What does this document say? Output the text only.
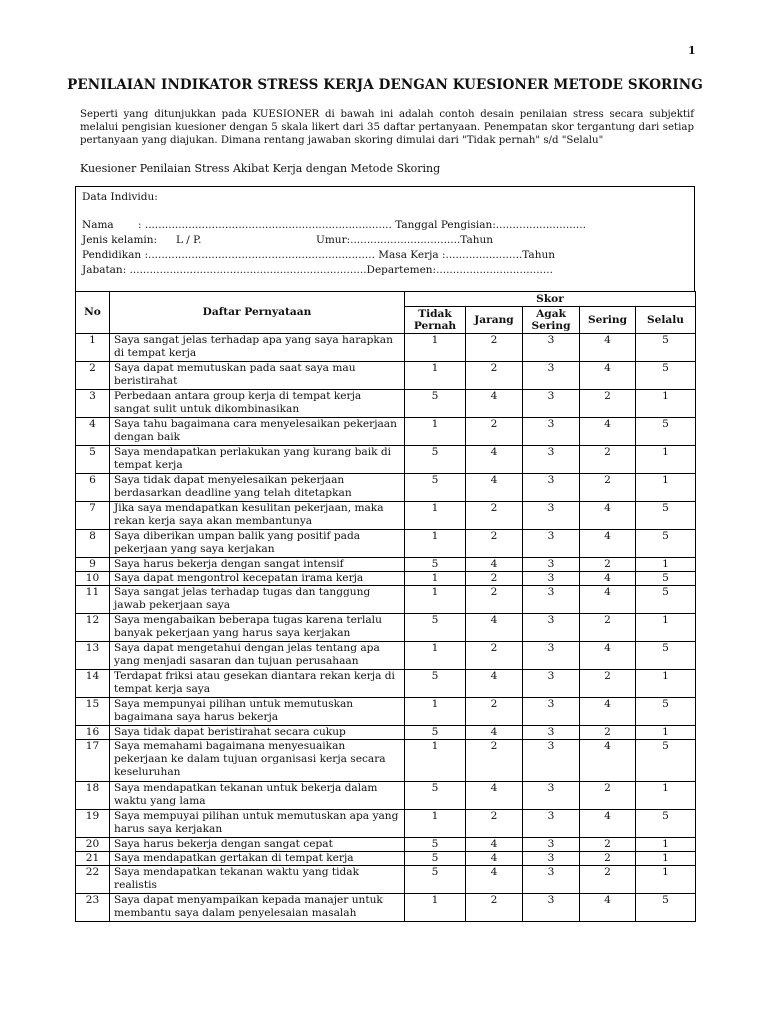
1
PENILAIAN INDIKATOR STRESS KERJA DENGAN KUESIONER METODE SKORING
Seperti yang ditunjukkan pada KUESIONER di bawah ini adalah contoh desain penilaian stress secara subjektif melalui pengisian kuesioner dengan 5 skala likert dari 35 daftar pertanyaan. Penempatan skor tergantung dari setiap pertanyaan yang diajukan. Dimana rentang jawaban skoring dimulai dari "Tidak pernah" s/d "Selalu"
Kuesioner Penilaian Stress Akibat Kerja dengan Metode Skoring
Data Individu:
Nama : .......................................................................... Tanggal Pengisian:...........................
Jenis kelamin: L / P.	Umur:.................................Tahun
Pendidikan :.................................................................... Masa Kerja :.......................Tahun
Jabatan: .......................................................................Departemen:...................................
No	Daftar Pernyataan	Skor				
		Tidak Pernah	Jarang	Agak Sering	Sering	Selalu
1	Saya sangat jelas terhadap apa yang saya harapkan di tempat kerja	1	2	3	4	5
2	Saya dapat memutuskan pada saat saya mau beristirahat	1	2	3	4	5
3	Perbedaan antara group kerja di tempat kerja sangat sulit untuk dikombinasikan	5	4	3	2	1
4	Saya tahu bagaimana cara menyelesaikan pekerjaan dengan baik	1	2	3	4	5
5	Saya mendapatkan perlakukan yang kurang baik di tempat kerja	5	4	3	2	1
6	Saya tidak dapat menyelesaikan pekerjaan berdasarkan deadline yang telah ditetapkan	5	4	3	2	1
7	Jika saya mendapatkan kesulitan pekerjaan, maka rekan kerja saya akan membantunya	1	2	3	4	5
8	Saya diberikan umpan balik yang positif pada pekerjaan yang saya kerjakan	1	2	3	4	5
9	Saya harus bekerja dengan sangat intensif	5	4	3	2	1
10	Saya dapat mengontrol kecepatan irama kerja	1	2	3	4	5
11	Saya sangat jelas terhadap tugas dan tanggung jawab pekerjaan saya	1	2	3	4	5
12	Saya mengabaikan beberapa tugas karena terlalu banyak pekerjaan yang harus saya kerjakan	5	4	3	2	1
13	Saya dapat mengetahui dengan jelas tentang apa yang menjadi sasaran dan tujuan perusahaan	1	2	3	4	5
14	Terdapat friksi atau gesekan diantara rekan kerja di tempat kerja saya	5	4	3	2	1
15	Saya mempunyai pilihan untuk memutuskan bagaimana saya harus bekerja	1	2	3	4	5
16	Saya tidak dapat beristirahat secara cukup	5	4	3	2	1
17	Saya memahami bagaimana menyesuaikan pekerjaan ke dalam tujuan organisasi kerja secara keseluruhan	1	2	3	4	5
18	Saya mendapatkan tekanan untuk bekerja dalam waktu yang lama	5	4	3	2	1
19	Saya mempuyai pilihan untuk memutuskan apa yang harus saya kerjakan	1	2	3	4	5
20	Saya harus bekerja dengan sangat cepat	5	4	3	2	1
21	Saya mendapatkan gertakan di tempat kerja	5	4	3	2	1
22	Saya mendapatkan tekanan waktu yang tidak realistis	5	4	3	2	1
23	Saya dapat menyampaikan kepada manajer untuk membantu saya dalam penyelesaian masalah	1	2	3	4	5
